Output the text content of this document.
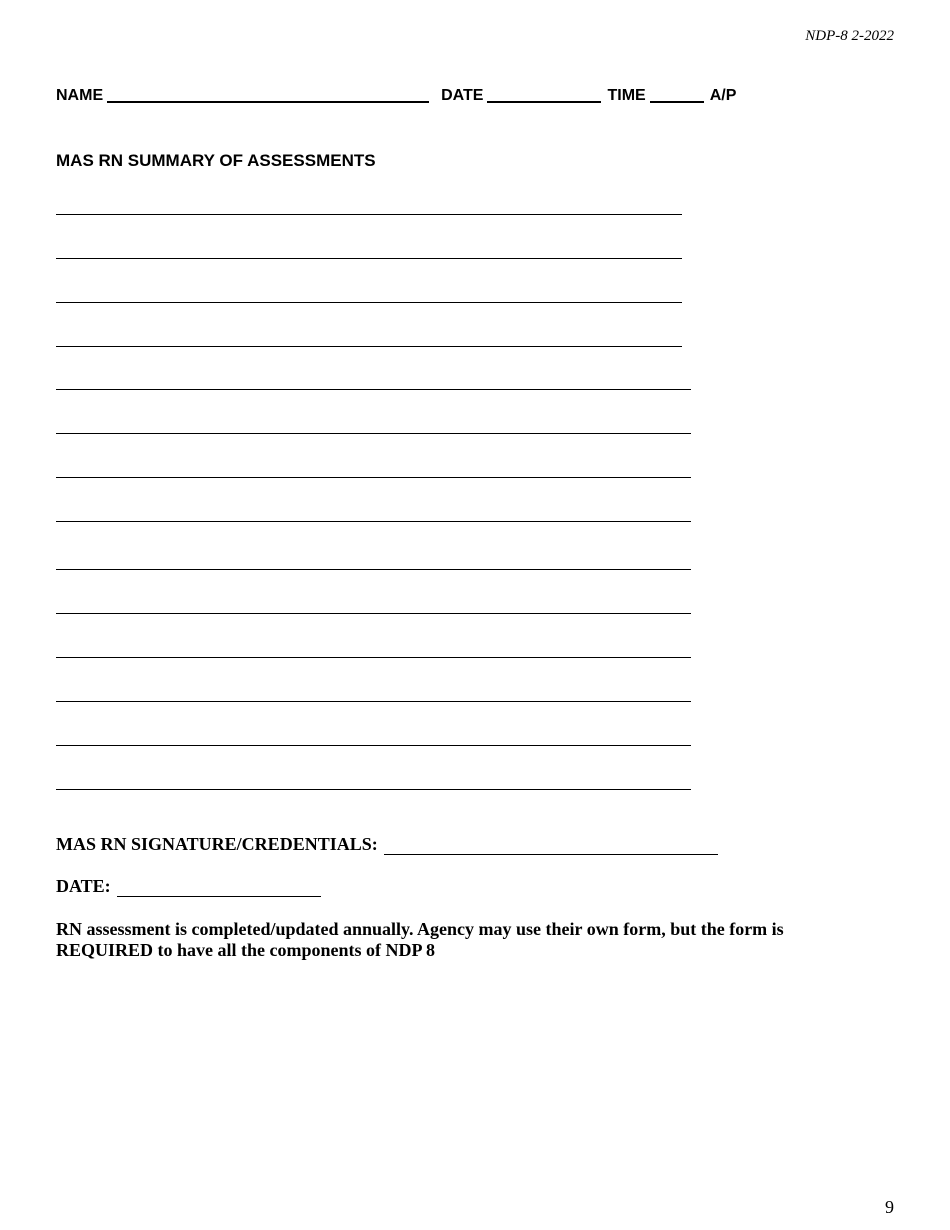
NDP-8 2-2022
NAME	DATE	TIME	A/P
MAS RN SUMMARY OF ASSESSMENTS
MAS RN SIGNATURE/CREDENTIALS:
DATE:
RN assessment is completed/updated annually. Agency may use their own form, but the form is REQUIRED to have all the components of NDP 8
9
